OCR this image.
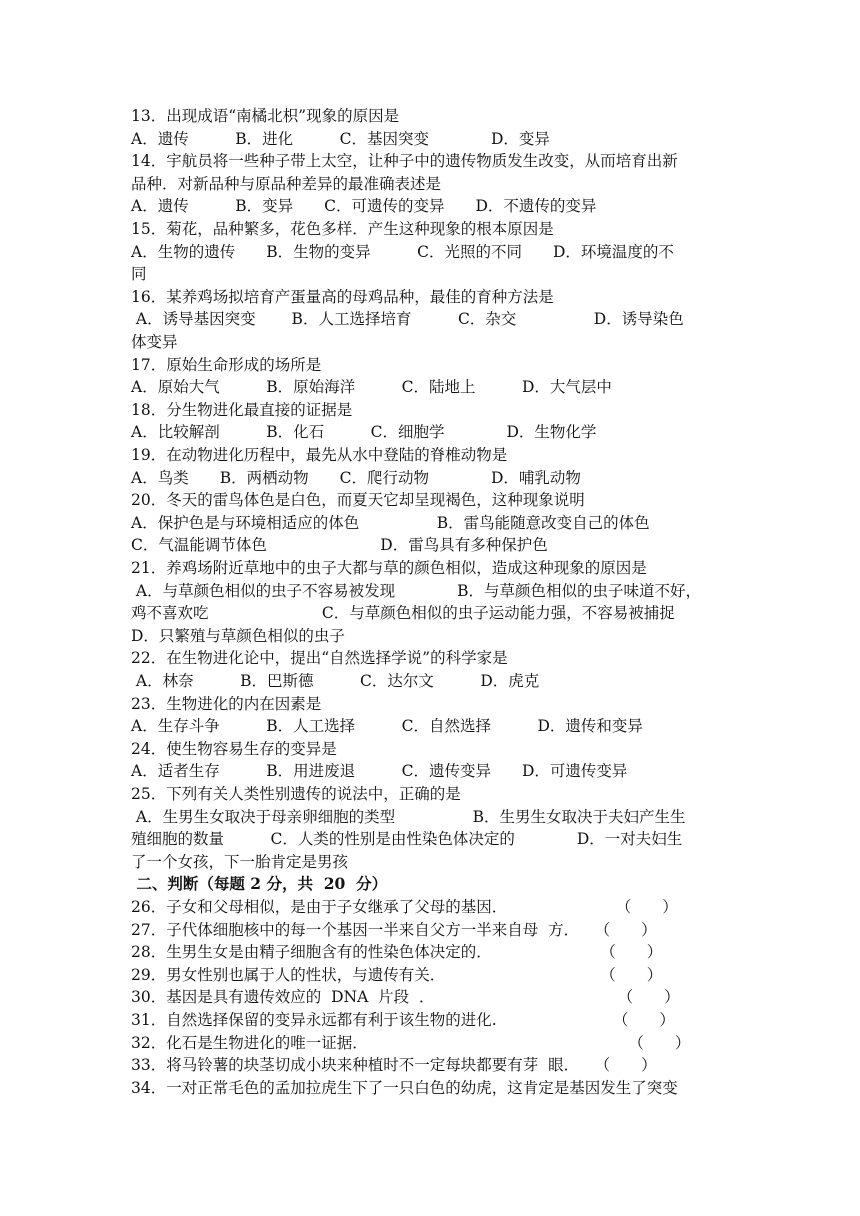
13．出现成语“南橘北枳”现象的原因是
A．遗传　　　B．进化　　　C．基因突变　　　　D．变异
14．宇航员将一些种子带上太空，让种子中的遗传物质发生改变，从而培育出新
品种．对新品种与原品种差异的最准确表述是
A．遗传　　　B．变异　　C．可遗传的变异　　D．不遗传的变异
15．菊花，品种繁多，花色多样．产生这种现象的根本原因是
A．生物的遗传　　B．生物的变异　　　C．光照的不同　　D．环境温度的不
同
16．某养鸡场拟培育产蛋量高的母鸡品种，最佳的育种方法是
A．诱导基因突变　　 B．人工选择培育　　　C．杂交　　　　　D．诱导染色
体变异
17．原始生命形成的场所是
A．原始大气　　　B．原始海洋　　　C．陆地上　　　D．大气层中
18．分生物进化最直接的证据是
A．比较解剖　　　B．化石　　　C．细胞学　　　　D．生物化学
19．在动物进化历程中，最先从水中登陆的脊椎动物是
A．鸟类　　B．两栖动物　　C．爬行动物　　　　D．哺乳动物
20．冬天的雷鸟体色是白色，而夏天它却呈现褐色，这种现象说明
A．保护色是与环境相适应的体色　　　　　B．雷鸟能随意改变自己的体色
C．气温能调节体色　　　　　　　 D．雷鸟具有多种保护色
21．养鸡场附近草地中的虫子大都与草的颜色相似，造成这种现象的原因是
A．与草颜色相似的虫子不容易被发现　　　　B．与草颜色相似的虫子味道不好，
鸡不喜欢吃　　　　　　　 C．与草颜色相似的虫子运动能力强，不容易被捕捉
D．只繁殖与草颜色相似的虫子
22．在生物进化论中，提出“自然选择学说”的科学家是
A．林奈　　　B．巴斯德　　　C．达尔文　　　D．虎克
23．生物进化的内在因素是
A．生存斗争　　　B．人工选择　　　C．自然选择　　　D．遗传和变异
24．使生物容易生存的变异是
A．适者生存　　　B．用进废退　　　C．遗传变异　　D．可遗传变异
25．下列有关人类性别遗传的说法中，正确的是
A．生男生女取决于母亲卵细胞的类型　　　　　B．生男生女取决于夫妇产生生
殖细胞的数量　　　C．人类的性别是由性染色体决定的　　　　D．一对夫妇生
了一个女孩，下一胎肯定是男孩
二、判断（每题 2 分，共  20  分）
26．子女和父母相似，是由于子女继承了父母的基因．　　　　　　　　（　　）
27．子代体细胞核中的每一个基因一半来自父方一半来自母  方．　　（　　）
28．生男生女是由精子细胞含有的性染色体决定的．　　　　　　　　（　　）
29．男女性别也属于人的性状，与遗传有关．　　　　　　　　　　　（　　）
30．基因是具有遗传效应的  DNA  片段  ．　　　　　　　　　　　　 （　　）
31．自然选择保留的变异永远都有利于该生物的进化.　　　　　　　　（　　）
32．化石是生物进化的唯一证据．　　　　　　　　　　　　　　　　　 （　　）
33．将马铃薯的块茎切成小块来种植时不一定每块都要有芽  眼．　　（　　）
34．一对正常毛色的孟加拉虎生下了一只白色的幼虎，这肯定是基因发生了突变
